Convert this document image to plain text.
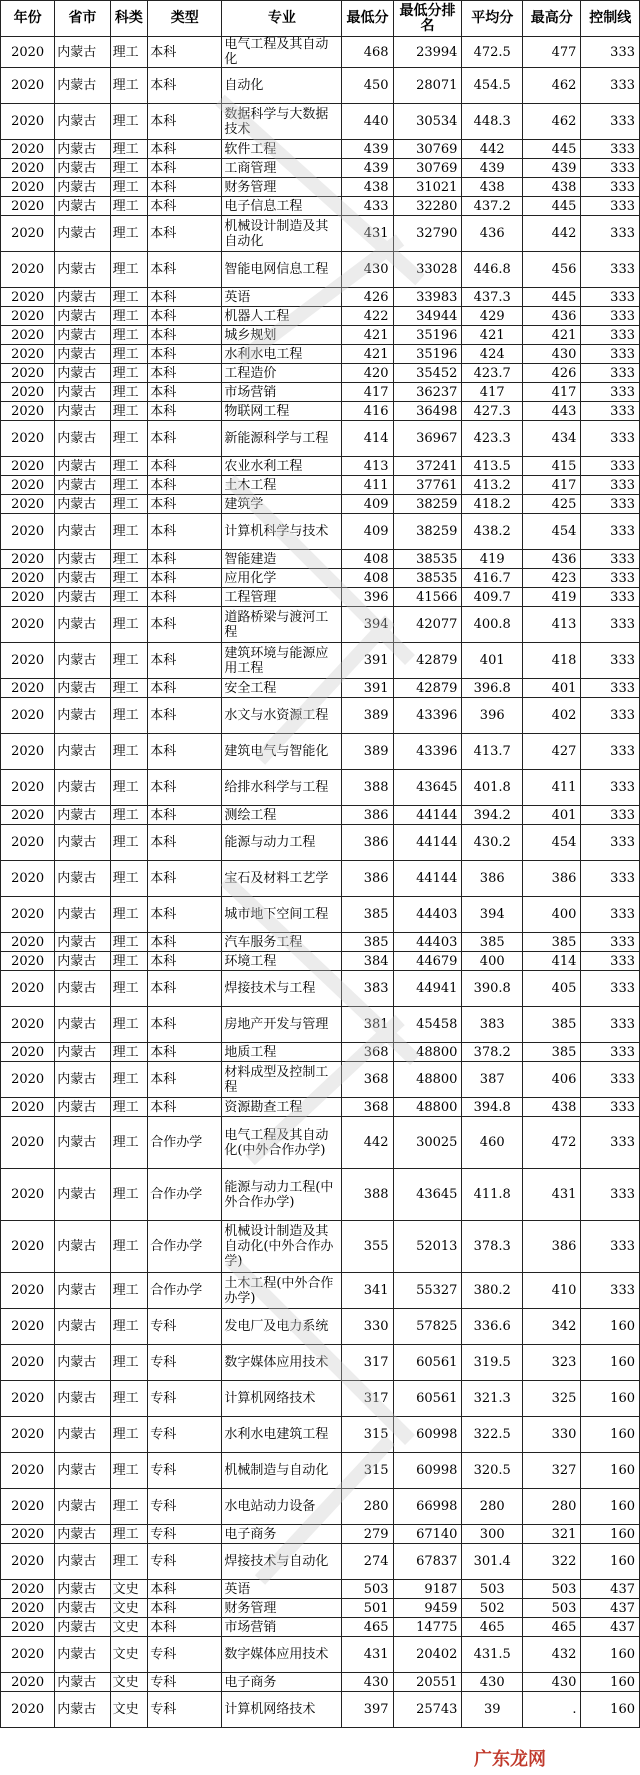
年份	省市	科类	类型	专业	最低分	最低分排名	平均分	最高分	控制线
2020	内蒙古	理工	本科	电气工程及其自动化	468	23994	472.5	477	333
2020	内蒙古	理工	本科	自动化	450	28071	454.5	462	333
2020	内蒙古	理工	本科	数据科学与大数据技术	440	30534	448.3	462	333
2020	内蒙古	理工	本科	软件工程	439	30769	442	445	333
2020	内蒙古	理工	本科	工商管理	439	30769	439	439	333
2020	内蒙古	理工	本科	财务管理	438	31021	438	438	333
2020	内蒙古	理工	本科	电子信息工程	433	32280	437.2	445	333
2020	内蒙古	理工	本科	机械设计制造及其自动化	431	32790	436	442	333
2020	内蒙古	理工	本科	智能电网信息工程	430	33028	446.8	456	333
2020	内蒙古	理工	本科	英语	426	33983	437.3	445	333
2020	内蒙古	理工	本科	机器人工程	422	34944	429	436	333
2020	内蒙古	理工	本科	城乡规划	421	35196	421	421	333
2020	内蒙古	理工	本科	水利水电工程	421	35196	424	430	333
2020	内蒙古	理工	本科	工程造价	420	35452	423.7	426	333
2020	内蒙古	理工	本科	市场营销	417	36237	417	417	333
2020	内蒙古	理工	本科	物联网工程	416	36498	427.3	443	333
2020	内蒙古	理工	本科	新能源科学与工程	414	36967	423.3	434	333
2020	内蒙古	理工	本科	农业水利工程	413	37241	413.5	415	333
2020	内蒙古	理工	本科	土木工程	411	37761	413.2	417	333
2020	内蒙古	理工	本科	建筑学	409	38259	418.2	425	333
2020	内蒙古	理工	本科	计算机科学与技术	409	38259	438.2	454	333
2020	内蒙古	理工	本科	智能建造	408	38535	419	436	333
2020	内蒙古	理工	本科	应用化学	408	38535	416.7	423	333
2020	内蒙古	理工	本科	工程管理	396	41566	409.7	419	333
2020	内蒙古	理工	本科	道路桥梁与渡河工程	394	42077	400.8	413	333
2020	内蒙古	理工	本科	建筑环境与能源应用工程	391	42879	401	418	333
2020	内蒙古	理工	本科	安全工程	391	42879	396.8	401	333
2020	内蒙古	理工	本科	水文与水资源工程	389	43396	396	402	333
2020	内蒙古	理工	本科	建筑电气与智能化	389	43396	413.7	427	333
2020	内蒙古	理工	本科	给排水科学与工程	388	43645	401.8	411	333
2020	内蒙古	理工	本科	测绘工程	386	44144	394.2	401	333
2020	内蒙古	理工	本科	能源与动力工程	386	44144	430.2	454	333
2020	内蒙古	理工	本科	宝石及材料工艺学	386	44144	386	386	333
2020	内蒙古	理工	本科	城市地下空间工程	385	44403	394	400	333
2020	内蒙古	理工	本科	汽车服务工程	385	44403	385	385	333
2020	内蒙古	理工	本科	环境工程	384	44679	400	414	333
2020	内蒙古	理工	本科	焊接技术与工程	383	44941	390.8	405	333
2020	内蒙古	理工	本科	房地产开发与管理	381	45458	383	385	333
2020	内蒙古	理工	本科	地质工程	368	48800	378.2	385	333
2020	内蒙古	理工	本科	材料成型及控制工程	368	48800	387	406	333
2020	内蒙古	理工	本科	资源勘查工程	368	48800	394.8	438	333
2020	内蒙古	理工	合作办学	电气工程及其自动化(中外合作办学)	442	30025	460	472	333
2020	内蒙古	理工	合作办学	能源与动力工程(中外合作办学)	388	43645	411.8	431	333
2020	内蒙古	理工	合作办学	机械设计制造及其自动化(中外合作办学)	355	52013	378.3	386	333
2020	内蒙古	理工	合作办学	土木工程(中外合作办学)	341	55327	380.2	410	333
2020	内蒙古	理工	专科	发电厂及电力系统	330	57825	336.6	342	160
2020	内蒙古	理工	专科	数字媒体应用技术	317	60561	319.5	323	160
2020	内蒙古	理工	专科	计算机网络技术	317	60561	321.3	325	160
2020	内蒙古	理工	专科	水利水电建筑工程	315	60998	322.5	330	160
2020	内蒙古	理工	专科	机械制造与自动化	315	60998	320.5	327	160
2020	内蒙古	理工	专科	水电站动力设备	280	66998	280	280	160
2020	内蒙古	理工	专科	电子商务	279	67140	300	321	160
2020	内蒙古	理工	专科	焊接技术与自动化	274	67837	301.4	322	160
2020	内蒙古	文史	本科	英语	503	9187	503	503	437
2020	内蒙古	文史	本科	财务管理	501	9459	502	503	437
2020	内蒙古	文史	本科	市场营销	465	14775	465	465	437
2020	内蒙古	文史	专科	数字媒体应用技术	431	20402	431.5	432	160
2020	内蒙古	文史	专科	电子商务	430	20551	430	430	160
2020	内蒙古	文史	专科	计算机网络技术	397	25743	39	.	160
广东龙网
